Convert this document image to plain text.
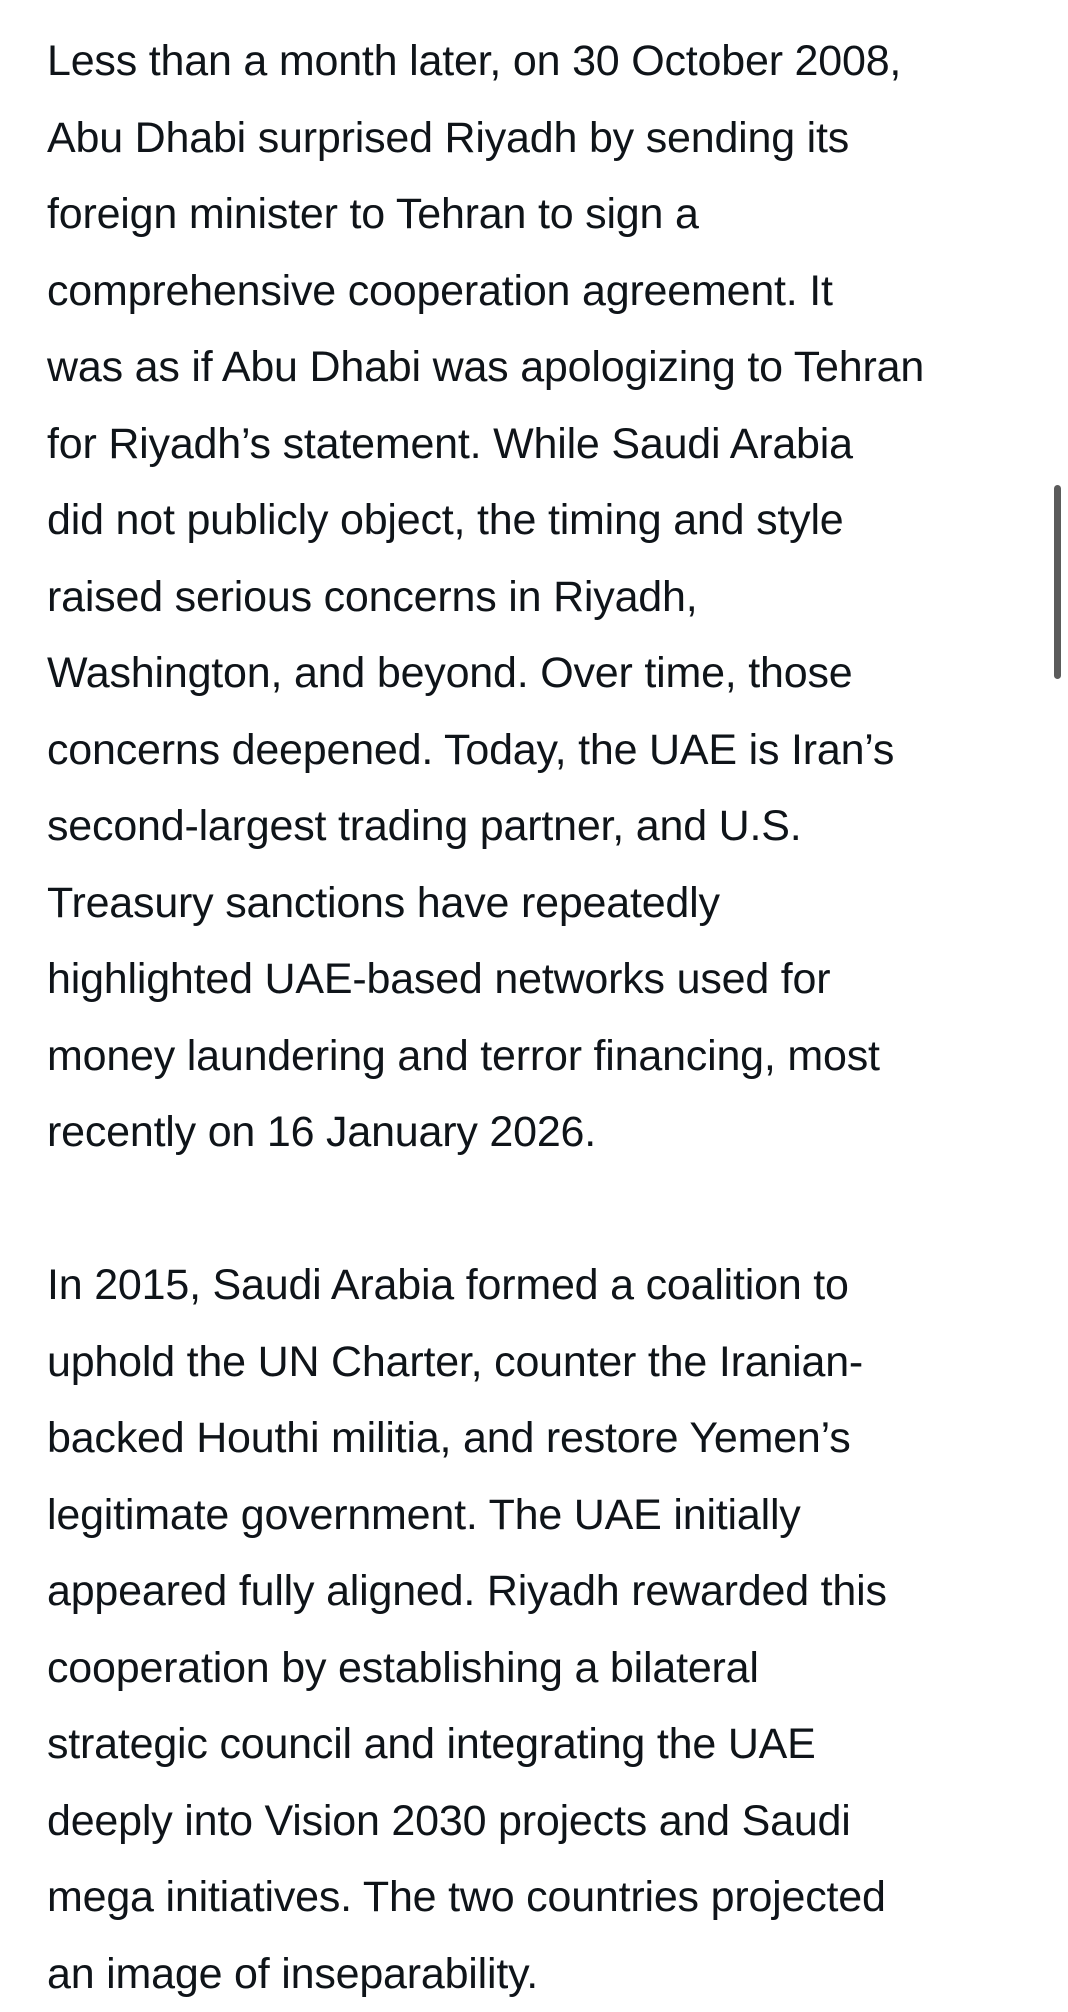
Less than a month later, on 30 October 2008,
Abu Dhabi surprised Riyadh by sending its
foreign minister to Tehran to sign a
comprehensive cooperation agreement. It
was as if Abu Dhabi was apologizing to Tehran
for Riyadh’s statement. While Saudi Arabia
did not publicly object, the timing and style
raised serious concerns in Riyadh,
Washington, and beyond. Over time, those
concerns deepened. Today, the UAE is Iran’s
second-largest trading partner, and U.S.
Treasury sanctions have repeatedly
highlighted UAE-based networks used for
money laundering and terror financing, most
recently on 16 January 2026.
In 2015, Saudi Arabia formed a coalition to
uphold the UN Charter, counter the Iranian-
backed Houthi militia, and restore Yemen’s
legitimate government. The UAE initially
appeared fully aligned. Riyadh rewarded this
cooperation by establishing a bilateral
strategic council and integrating the UAE
deeply into Vision 2030 projects and Saudi
mega initiatives. The two countries projected
an image of inseparability.
